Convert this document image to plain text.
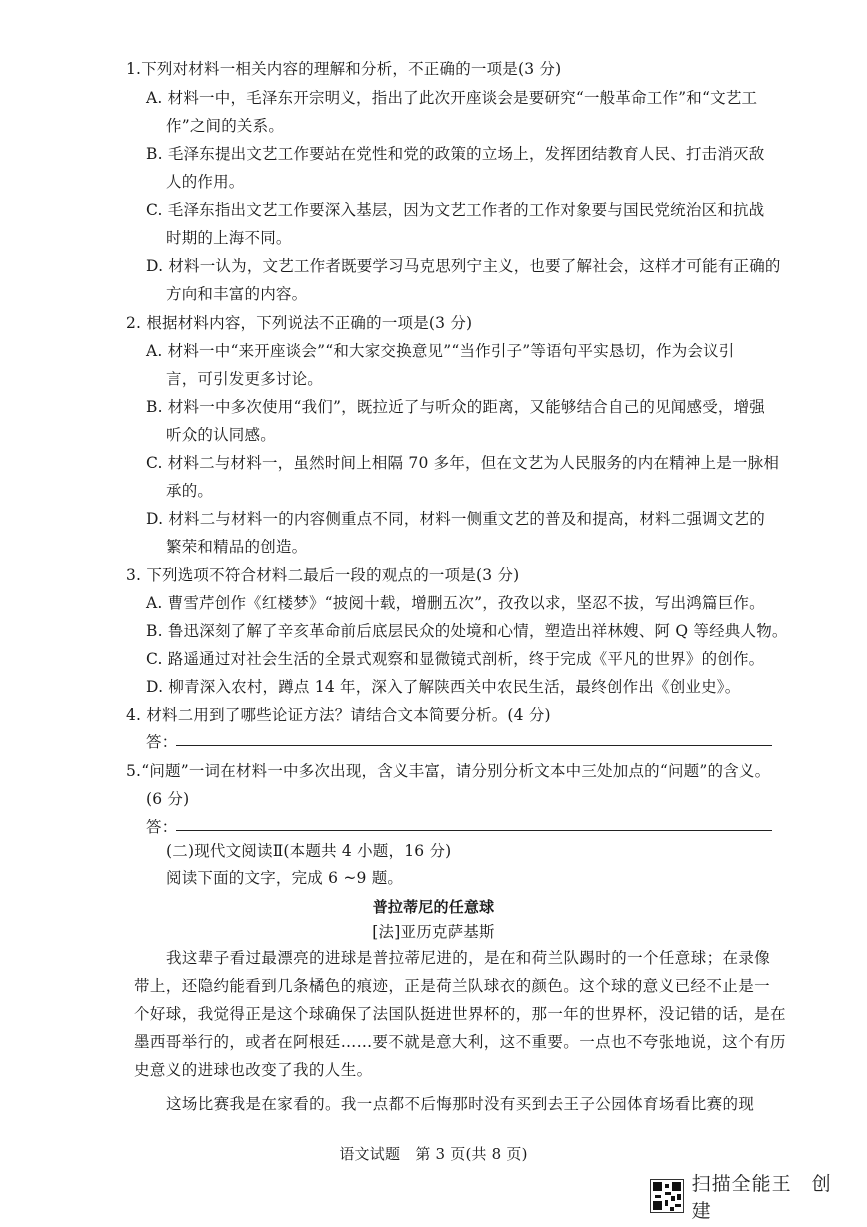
1.下列对材料一相关内容的理解和分析，不正确的一项是(3 分)
A. 材料一中，毛泽东开宗明义，指出了此次开座谈会是要研究“一般革命工作”和“文艺工
作”之间的关系。
B. 毛泽东提出文艺工作要站在党性和党的政策的立场上，发挥团结教育人民、打击消灭敌
人的作用。
C. 毛泽东指出文艺工作要深入基层，因为文艺工作者的工作对象要与国民党统治区和抗战
时期的上海不同。
D. 材料一认为，文艺工作者既要学习马克思列宁主义，也要了解社会，这样才可能有正确的
方向和丰富的内容。
2. 根据材料内容，下列说法不正确的一项是(3 分)
A. 材料一中“来开座谈会”“和大家交换意见”“当作引子”等语句平实恳切，作为会议引
言，可引发更多讨论。
B. 材料一中多次使用“我们”，既拉近了与听众的距离，又能够结合自己的见闻感受，增强
听众的认同感。
C. 材料二与材料一，虽然时间上相隔 70 多年，但在文艺为人民服务的内在精神上是一脉相
承的。
D. 材料二与材料一的内容侧重点不同，材料一侧重文艺的普及和提高，材料二强调文艺的
繁荣和精品的创造。
3. 下列选项不符合材料二最后一段的观点的一项是(3 分)
A. 曹雪芹创作《红楼梦》“披阅十载，增删五次”，孜孜以求，坚忍不拔，写出鸿篇巨作。
B. 鲁迅深刻了解了辛亥革命前后底层民众的处境和心情，塑造出祥林嫂、阿 Q 等经典人物。
C. 路遥通过对社会生活的全景式观察和显微镜式剖析，终于完成《平凡的世界》的创作。
D. 柳青深入农村，蹲点 14 年，深入了解陕西关中农民生活，最终创作出《创业史》。
4. 材料二用到了哪些论证方法？请结合文本简要分析。(4 分)
答：
5.“问题”一词在材料一中多次出现，含义丰富，请分别分析文本中三处加点的“问题”的含义。
(6 分)
答：
(二)现代文阅读Ⅱ(本题共 4 小题，16 分)
阅读下面的文字，完成 6 ~9 题。
普拉蒂尼的任意球
[法]亚历克萨基斯
我这辈子看过最漂亮的进球是普拉蒂尼进的，是在和荷兰队踢时的一个任意球；在录像
带上，还隐约能看到几条橘色的痕迹，正是荷兰队球衣的颜色。这个球的意义已经不止是一
个好球，我觉得正是这个球确保了法国队挺进世界杯的，那一年的世界杯，没记错的话，是在
墨西哥举行的，或者在阿根廷……要不就是意大利，这不重要。一点也不夸张地说，这个有历
史意义的进球也改变了我的人生。
这场比赛我是在家看的。我一点都不后悔那时没有买到去王子公园体育场看比赛的现
语文试题　第 3 页(共 8 页)
扫描全能王　创建
